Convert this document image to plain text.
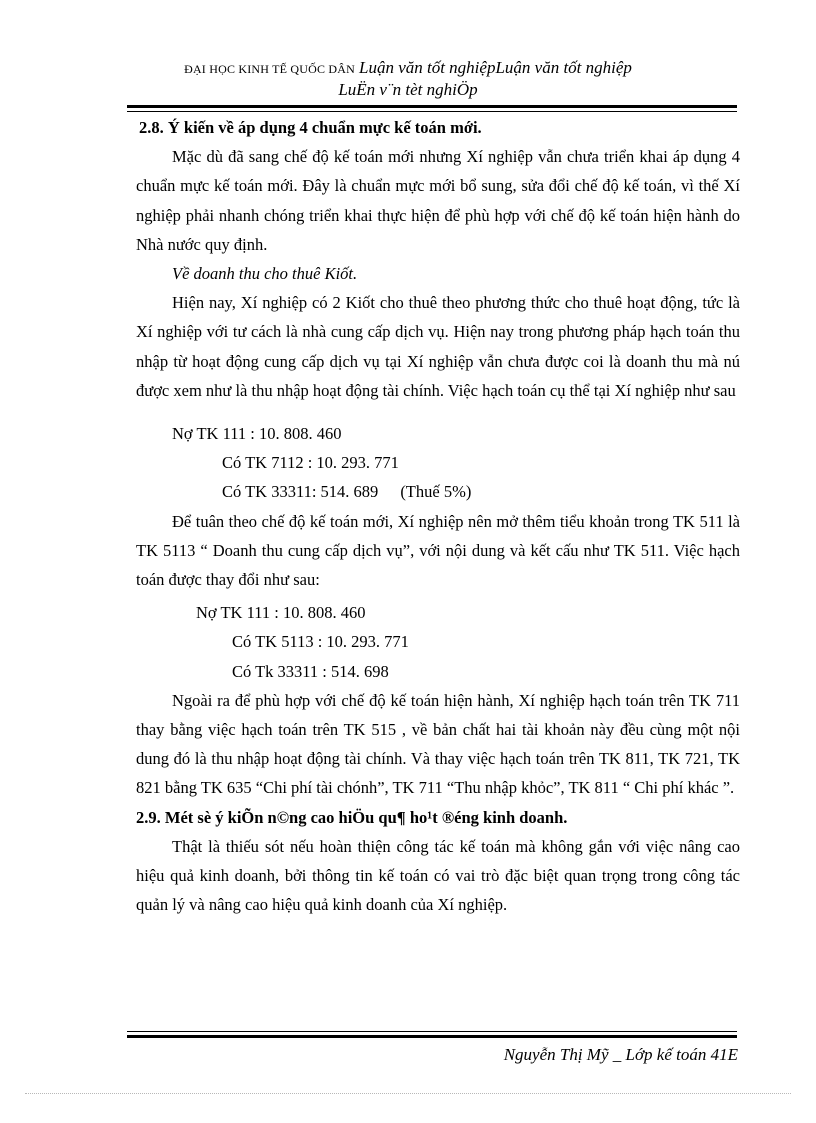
ĐẠI HỌC KINH TẾ QUỐC DÂN Luận văn tốt nghiệpLuận văn tốt nghiệp
LuËn v¨n tèt nghiÖp

2.8. Ý kiến về áp dụng 4 chuẩn mực kế toán mới.

Mặc dù đã sang chế độ kế toán mới nhưng Xí nghiệp vẫn chưa triển khai áp dụng 4 chuẩn mực kế toán mới. Đây là chuẩn mực mới bổ sung, sửa đổi chế độ kế toán, vì thế Xí nghiệp phải nhanh chóng triển khai thực hiện để phù hợp với chế độ kế toán hiện hành do Nhà nước quy định.

Về doanh thu cho thuê Kiốt.

Hiện nay, Xí nghiệp có 2 Kiốt cho thuê theo phương thức cho thuê hoạt động, tức là Xí nghiệp với tư cách là nhà cung cấp dịch vụ. Hiện nay trong phương pháp hạch toán thu nhập từ hoạt động cung cấp dịch vụ tại Xí nghiệp vẫn chưa được coi là doanh thu mà nú được xem như là thu nhập hoạt động tài chính. Việc hạch toán cụ thể tại Xí nghiệp như sau

Nợ TK 111 : 10. 808. 460

Có TK 7112 : 10. 293. 771

Có TK 33311: 514. 689 (Thuế 5%)

Để tuân theo chế độ kế toán mới, Xí nghiệp nên mở thêm tiểu khoản trong TK 511 là TK 5113 “ Doanh thu cung cấp dịch vụ”, với nội dung và kết cấu như TK 511. Việc hạch toán được thay đổi như sau:

Nợ TK 111 : 10. 808. 460

Có TK 5113 : 10. 293. 771

Có Tk 33311 : 514. 698

Ngoài ra để phù hợp với chế độ kế toán hiện hành, Xí nghiệp hạch toán trên TK 711 thay bằng việc hạch toán trên TK 515 , về bản chất hai tài khoản này đều cùng một nội dung đó là thu nhập hoạt động tài chính. Và thay việc hạch toán trên TK 811, TK 721, TK 821 bằng TK 635 “Chi phí tài chónh”, TK 711 “Thu nhập khỏc”, TK 811 “ Chi phí khác ”.

2.9. Mét sè ý kiÕn n©ng cao hiÖu qu¶ ho¹t ®éng kinh doanh.

Thật là thiếu sót nếu hoàn thiện công tác kế toán mà không gắn với việc nâng cao hiệu quả kinh doanh, bởi thông tin kế toán có vai trò đặc biệt quan trọng trong công tác quản lý và nâng cao hiệu quả kinh doanh của Xí nghiệp.

Nguyễn Thị Mỹ _ Lớp kế toán 41E
